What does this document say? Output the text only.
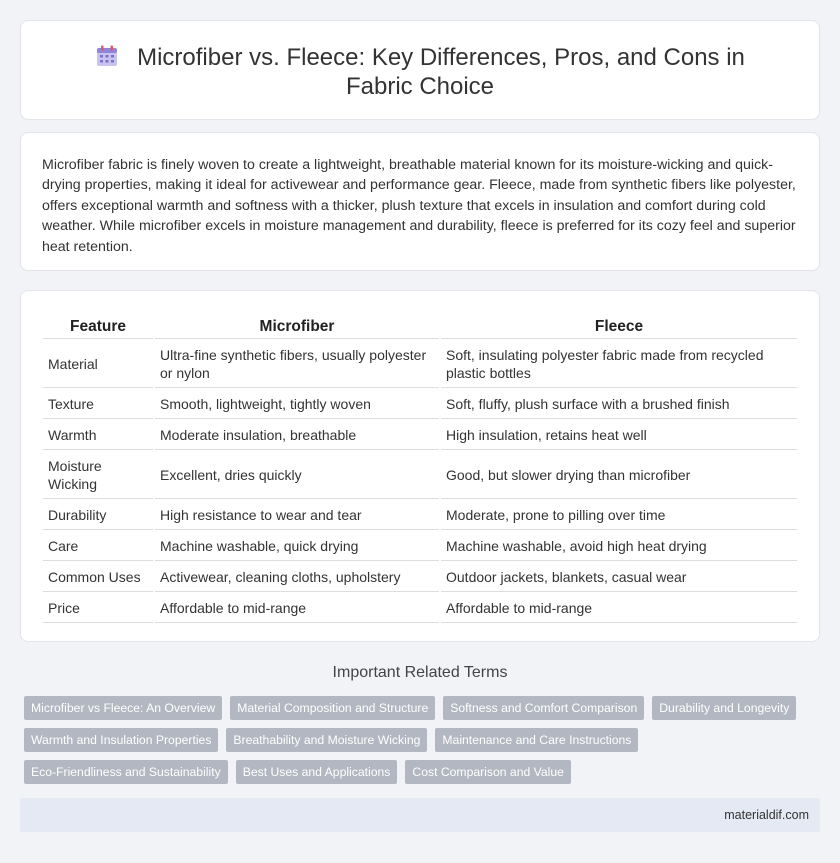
Microfiber vs. Fleece: Key Differences, Pros, and Cons in Fabric Choice

Microfiber fabric is finely woven to create a lightweight, breathable material known for its moisture-wicking and quick-drying properties, making it ideal for activewear and performance gear. Fleece, made from synthetic fibers like polyester, offers exceptional warmth and softness with a thicker, plush texture that excels in insulation and comfort during cold weather. While microfiber excels in moisture management and durability, fleece is preferred for its cozy feel and superior heat retention.

Feature	Microfiber	Fleece
Material	Ultra-fine synthetic fibers, usually polyester or nylon	Soft, insulating polyester fabric made from recycled plastic bottles
Texture	Smooth, lightweight, tightly woven	Soft, fluffy, plush surface with a brushed finish
Warmth	Moderate insulation, breathable	High insulation, retains heat well
Moisture Wicking	Excellent, dries quickly	Good, but slower drying than microfiber
Durability	High resistance to wear and tear	Moderate, prone to pilling over time
Care	Machine washable, quick drying	Machine washable, avoid high heat drying
Common Uses	Activewear, cleaning cloths, upholstery	Outdoor jackets, blankets, casual wear
Price	Affordable to mid-range	Affordable to mid-range
Important Related Terms
Microfiber vs Fleece: An Overview	Material Composition and Structure	Softness and Comfort Comparison	Durability and Longevity
Warmth and Insulation Properties	Breathability and Moisture Wicking	Maintenance and Care Instructions
Eco-Friendliness and Sustainability	Best Uses and Applications	Cost Comparison and Value
materialdif.com
